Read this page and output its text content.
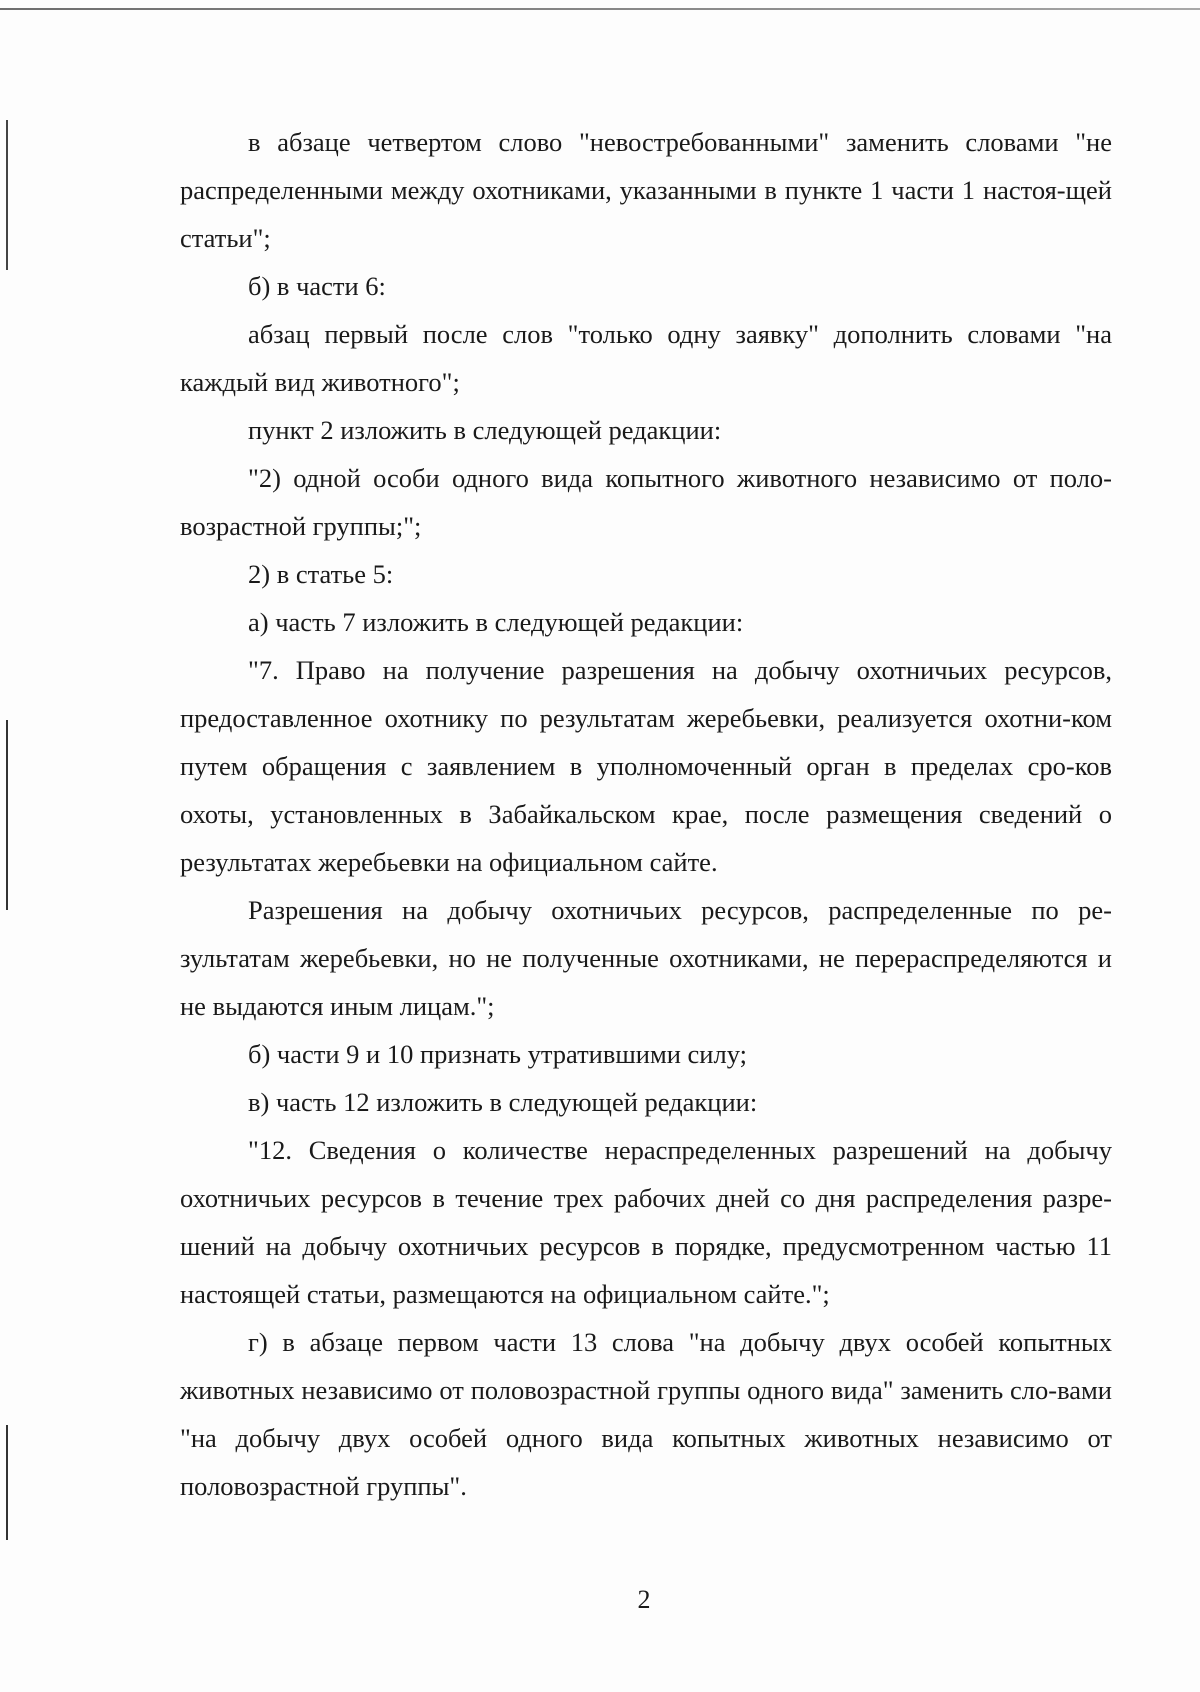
в абзаце четвертом слово "невостребованными" заменить словами "не распределенными между охотниками, указанными в пункте 1 части 1 настоя-щей статьи";

б) в части 6:

абзац первый после слов "только одну заявку" дополнить словами "на каждый вид животного";

пункт 2 изложить в следующей редакции:

"2) одной особи одного вида копытного животного независимо от поло-возрастной группы;";

2) в статье 5:

а) часть 7 изложить в следующей редакции:

"7. Право на получение разрешения на добычу охотничьих ресурсов, предоставленное охотнику по результатам жеребьевки, реализуется охотни-ком путем обращения с заявлением в уполномоченный орган в пределах сро-ков охоты, установленных в Забайкальском крае, после размещения сведений о результатах жеребьевки на официальном сайте.

Разрешения на добычу охотничьих ресурсов, распределенные по ре-зультатам жеребьевки, но не полученные охотниками, не перераспределяются и не выдаются иным лицам.";

б) части 9 и 10 признать утратившими силу;

в) часть 12 изложить в следующей редакции:

"12. Сведения о количестве нераспределенных разрешений на добычу охотничьих ресурсов в течение трех рабочих дней со дня распределения разре-шений на добычу охотничьих ресурсов в порядке, предусмотренном частью 11 настоящей статьи, размещаются на официальном сайте.";

г) в абзаце первом части 13 слова "на добычу двух особей копытных животных независимо от половозрастной группы одного вида" заменить сло-вами "на добычу двух особей одного вида копытных животных независимо от половозрастной группы".

2
